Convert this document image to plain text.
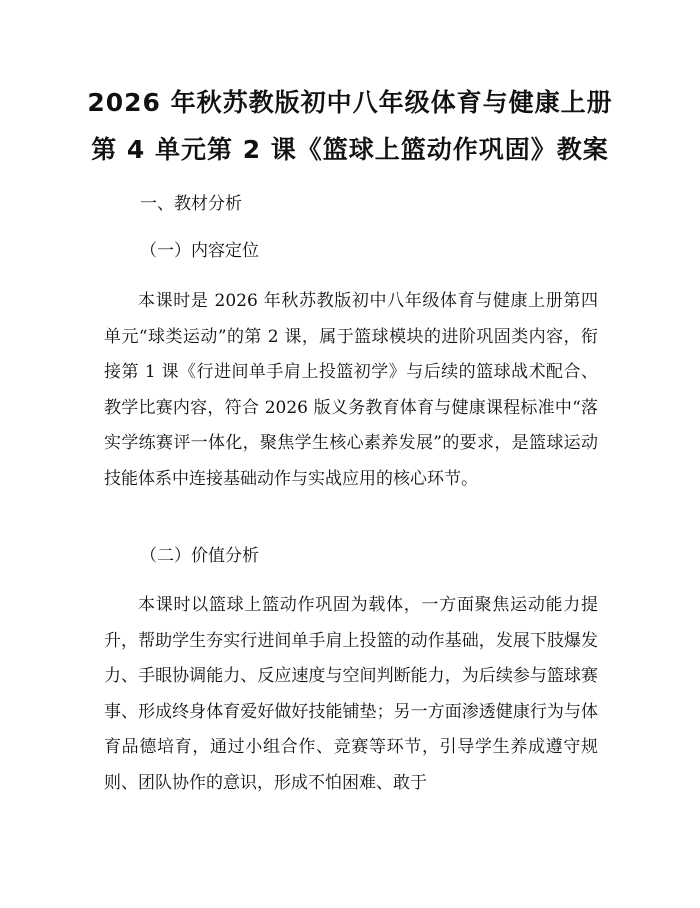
2026 年秋苏教版初中八年级体育与健康上册
第 4 单元第 2 课《篮球上篮动作巩固》教案
一、教材分析
（一）内容定位

本课时是 2026 年秋苏教版初中八年级体育与健康上册第四单元“球类运动”的第 2 课，属于篮球模块的进阶巩固类内容，衔接第 1 课《行进间单手肩上投篮初学》与后续的篮球战术配合、教学比赛内容，符合 2026 版义务教育体育与健康课程标准中“落实学练赛评一体化，聚焦学生核心素养发展”的要求，是篮球运动技能体系中连接基础动作与实战应用的核心环节。

（二）价值分析

本课时以篮球上篮动作巩固为载体，一方面聚焦运动能力提升，帮助学生夯实行进间单手肩上投篮的动作基础，发展下肢爆发力、手眼协调能力、反应速度与空间判断能力，为后续参与篮球赛事、形成终身体育爱好做好技能铺垫；另一方面渗透健康行为与体育品德培育，通过小组合作、竞赛等环节，引导学生养成遵守规则、团队协作的意识，形成不怕困难、敢于
